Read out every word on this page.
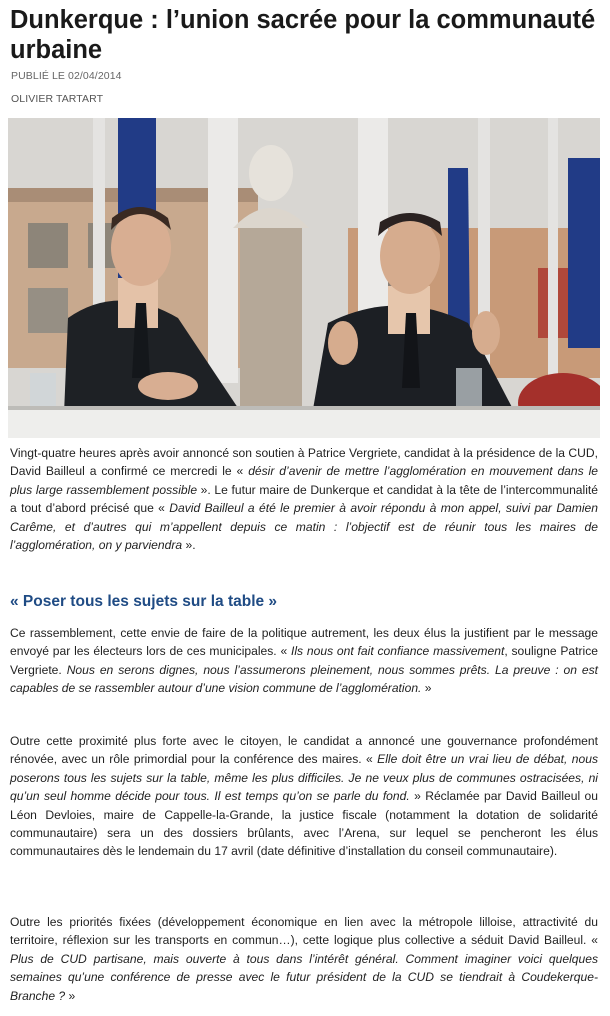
Dunkerque : l’union sacrée pour la communauté urbaine
PUBLIÉ LE 02/04/2014
OLIVIER TARTART

Vingt-quatre heures après avoir annoncé son soutien à Patrice Vergriete, candidat à la présidence de la CUD, David Bailleul a confirmé ce mercredi le « désir d’avenir de mettre l’agglomération en mouvement dans le plus large rassemblement possible ». Le futur maire de Dunkerque et candidat à la tête de l’intercommunalité a tout d’abord précisé que « David Bailleul a été le premier à avoir répondu à mon appel, suivi par Damien Carême, et d’autres qui m’appellent depuis ce matin : l’objectif est de réunir tous les maires de l’agglomération, on y parviendra ».

« Poser tous les sujets sur la table »

Ce rassemblement, cette envie de faire de la politique autrement, les deux élus la justifient par le message envoyé par les électeurs lors de ces municipales. « Ils nous ont fait confiance massivement, souligne Patrice Vergriete. Nous en serons dignes, nous l’assumerons pleinement, nous sommes prêts. La preuve : on est capables de se rassembler autour d’une vision commune de l’agglomération. »

Outre cette proximité plus forte avec le citoyen, le candidat a annoncé une gouvernance profondément rénovée, avec un rôle primordial pour la conférence des maires. « Elle doit être un vrai lieu de débat, nous poserons tous les sujets sur la table, même les plus difficiles. Je ne veux plus de communes ostracisées, ni qu’un seul homme décide pour tous. Il est temps qu’on se parle du fond. » Réclamée par David Bailleul ou Léon Devloies, maire de Cappelle-la-Grande, la justice fiscale (notamment la dotation de solidarité communautaire) sera un des dossiers brûlants, avec l’Arena, sur lequel se pencheront les élus communautaires dès le lendemain du 17 avril (date définitive d’installation du conseil communautaire).

Outre les priorités fixées (développement économique en lien avec la métropole lilloise, attractivité du territoire, réflexion sur les transports en commun…), cette logique plus collective a séduit David Bailleul. « Plus de CUD partisane, mais ouverte à tous dans l’intérêt général. Comment imaginer voici quelques semaines qu’une conférence de presse avec le futur président de la CUD se tiendrait à Coudekerque-Branche ? »
